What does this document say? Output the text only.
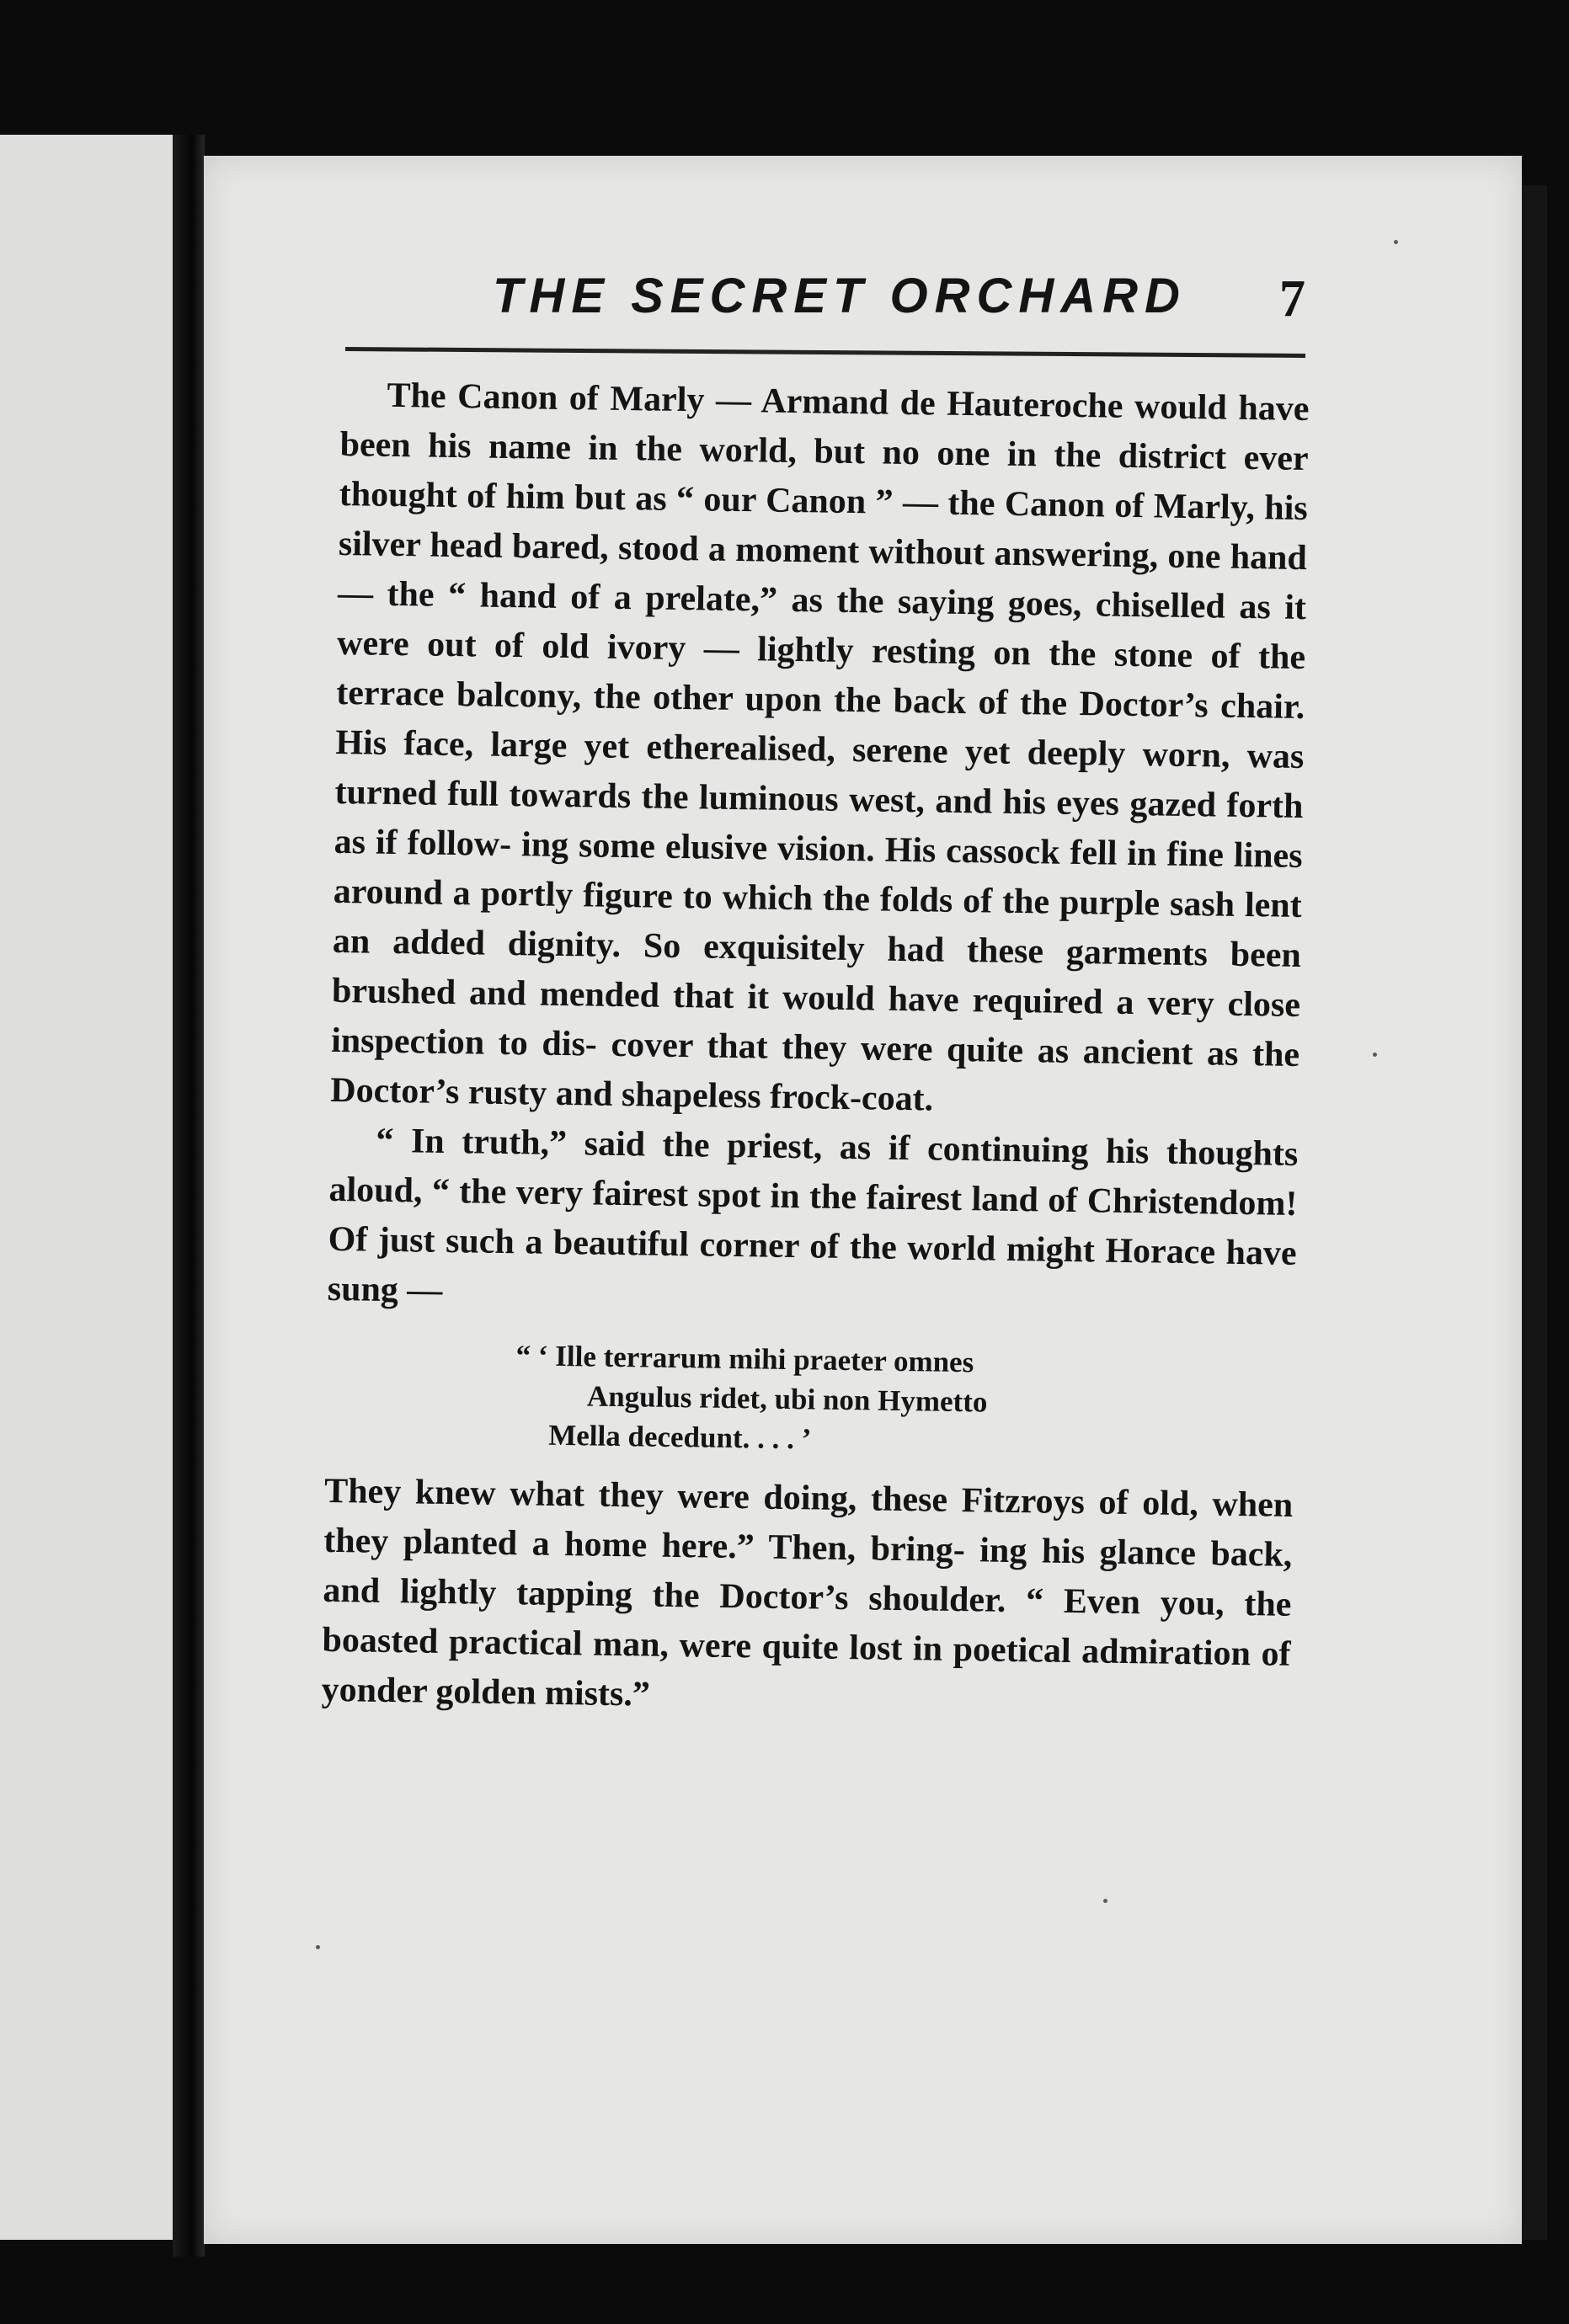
THE SECRET ORCHARD 7

The Canon of Marly — Armand de Hauteroche would have been his name in the world, but no one in the district ever thought of him but as “ our Canon ” — the Canon of Marly, his silver head bared, stood a moment without answering, one hand — the “ hand of a prelate,” as the saying goes, chiselled as it were out of old ivory — lightly resting on the stone of the terrace balcony, the other upon the back of the Doctor’s chair. His face, large yet etherealised, serene yet deeply worn, was turned full towards the luminous west, and his eyes gazed forth as if follow- ing some elusive vision. His cassock fell in fine lines around a portly figure to which the folds of the purple sash lent an added dignity. So exquisitely had these garments been brushed and mended that it would have required a very close inspection to dis- cover that they were quite as ancient as the Doctor’s rusty and shapeless frock-coat.

“ In truth,” said the priest, as if continuing his thoughts aloud, “ the very fairest spot in the fairest land of Christendom! Of just such a beautiful corner of the world might Horace have sung —

“ ‘ Ille terrarum mihi praeter omnes
Angulus ridet, ubi non Hymetto
Mella decedunt. . . . ’

They knew what they were doing, these Fitzroys of old, when they planted a home here.” Then, bring- ing his glance back, and lightly tapping the Doctor’s shoulder. “ Even you, the boasted practical man, were quite lost in poetical admiration of yonder golden mists.”
